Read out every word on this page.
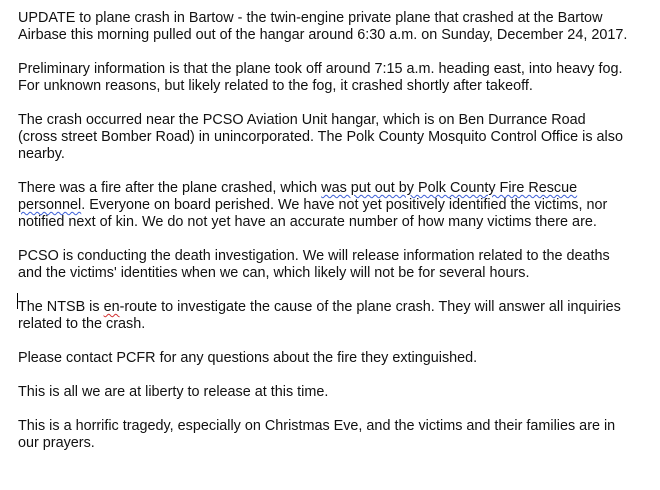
UPDATE to plane crash in Bartow - the twin-engine private plane that crashed at the Bartow
Airbase this morning pulled out of the hangar around 6:30 a.m. on Sunday, December 24, 2017.

Preliminary information is that the plane took off around 7:15 a.m. heading east, into heavy fog.
For unknown reasons, but likely related to the fog, it crashed shortly after takeoff.

The crash occurred near the PCSO Aviation Unit hangar, which is on Ben Durrance Road
(cross street Bomber Road) in unincorporated. The Polk County Mosquito Control Office is also
nearby.

There was a fire after the plane crashed, which was put out by Polk County Fire Rescue
personnel. Everyone on board perished. We have not yet positively identified the victims, nor
notified next of kin. We do not yet have an accurate number of how many victims there are.

PCSO is conducting the death investigation. We will release information related to the deaths
and the victims' identities when we can, which likely will not be for several hours.

The NTSB is en-route to investigate the cause of the plane crash. They will answer all inquiries
related to the crash.

Please contact PCFR for any questions about the fire they extinguished.

This is all we are at liberty to release at this time.

This is a horrific tragedy, especially on Christmas Eve, and the victims and their families are in
our prayers.
